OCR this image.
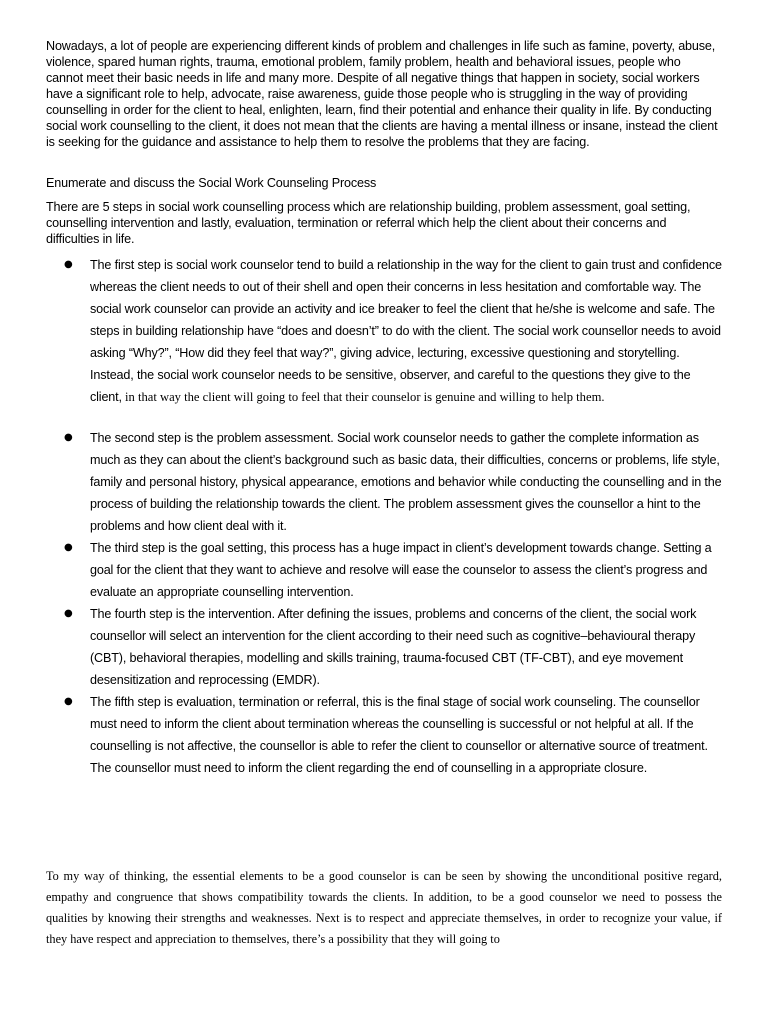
Nowadays, a lot of people are experiencing different kinds of problem and challenges in life such as famine, poverty, abuse, violence, spared human rights, trauma, emotional problem, family problem, health and behavioral issues, people who cannot meet their basic needs in life and many more. Despite of all negative things that happen in society, social workers have a significant role to help, advocate, raise awareness, guide those people who is struggling in the way of providing counselling in order for the client to heal, enlighten, learn, find their potential and enhance their quality in life. By conducting social work counselling to the client, it does not mean that the clients are having a mental illness or insane, instead the client is seeking for the guidance and assistance to help them to resolve the problems that they are facing.

Enumerate and discuss the Social Work Counseling Process

There are 5 steps in social work counselling process which are relationship building, problem assessment, goal setting, counselling intervention and lastly, evaluation, termination or referral which help the client about their concerns and difficulties in life.

● The first step is social work counselor tend to build a relationship in the way for the client to gain trust and confidence whereas the client needs to out of their shell and open their concerns in less hesitation and comfortable way. The social work counselor can provide an activity and ice breaker to feel the client that he/she is welcome and safe. The steps in building relationship have “does and doesn’t” to do with the client. The social work counsellor needs to avoid asking “Why?”, “How did they feel that way?”, giving advice, lecturing, excessive questioning and storytelling. Instead, the social work counselor needs to be sensitive, observer, and careful to the questions they give to the client, in that way the client will going to feel that their counselor is genuine and willing to help them.
● The second step is the problem assessment. Social work counselor needs to gather the complete information as much as they can about the client’s background such as basic data, their difficulties, concerns or problems, life style, family and personal history, physical appearance, emotions and behavior while conducting the counselling and in the process of building the relationship towards the client. The problem assessment gives the counsellor a hint to the problems and how client deal with it.
● The third step is the goal setting, this process has a huge impact in client’s development towards change. Setting a goal for the client that they want to achieve and resolve will ease the counselor to assess the client’s progress and evaluate an appropriate counselling intervention.
● The fourth step is the intervention. After defining the issues, problems and concerns of the client, the social work counsellor will select an intervention for the client according to their need such as cognitive–behavioural therapy (CBT), behavioral therapies, modelling and skills training, trauma-focused CBT (TF-CBT), and eye movement desensitization and reprocessing (EMDR).
● The fifth step is evaluation, termination or referral, this is the final stage of social work counseling. The counsellor must need to inform the client about termination whereas the counselling is successful or not helpful at all. If the counselling is not affective, the counsellor is able to refer the client to counsellor or alternative source of treatment. The counsellor must need to inform the client regarding the end of counselling in a appropriate closure.

To my way of thinking, the essential elements to be a good counselor is can be seen by showing the unconditional positive regard, empathy and congruence that shows compatibility towards the clients. In addition, to be a good counselor we need to possess the qualities by knowing their strengths and weaknesses. Next is to respect and appreciate themselves, in order to recognize your value, if they have respect and appreciation to themselves, there’s a possibility that they will going to
